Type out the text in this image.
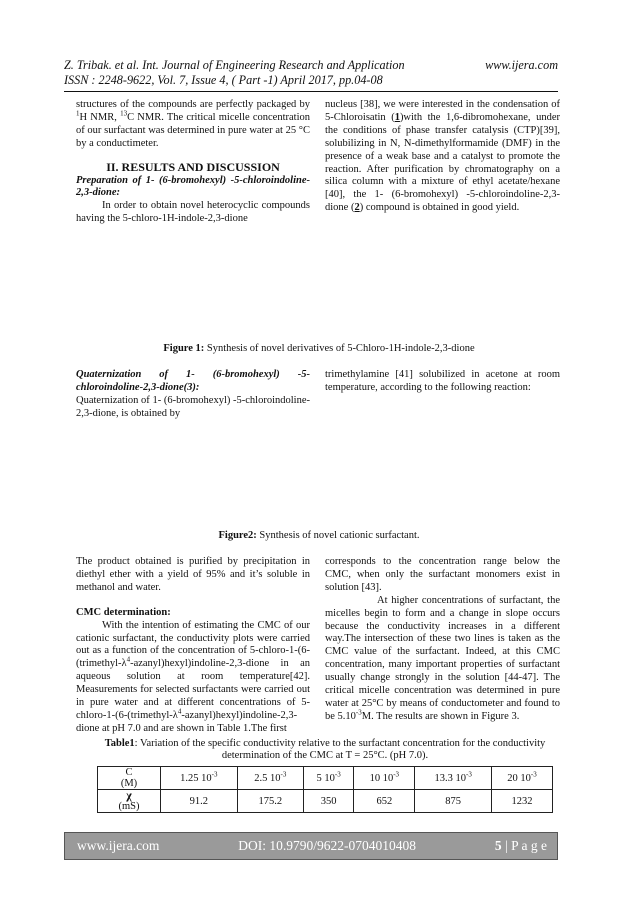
Z. Tribak. et al. Int. Journal of Engineering Research and Application	www.ijera.com
ISSN : 2248-9622, Vol. 7, Issue 4, ( Part -1) April 2017, pp.04-08

structures of the compounds are perfectly packaged by $^1$H NMR, $^{13}$C NMR. The critical micelle concentration of our surfactant was determined in pure water at 25 °C by a conductimeter.

II. RESULTS AND DISCUSSION

Preparation of 1- (6-bromohexyl) -5-chloroindoline-2,3-dione:

In order to obtain novel heterocyclic compounds having the 5-chloro-1H-indole-2,3-dione

nucleus [38], we were interested in the condensation of 5-Chloroisatin (1)with the 1,6-dibromohexane, under the conditions of phase transfer catalysis (CTP)[39], solubilizing in N, N-dimethylformamide (DMF) in the presence of a weak base and a catalyst to promote the reaction. After purification by chromatography on a silica column with a mixture of ethyl acetate/hexane [40], the 1- (6-bromohexyl) -5-chloroindoline-2,3-dione (2) compound is obtained in good yield.

Figure 1: Synthesis of novel derivatives of 5-Chloro-1H-indole-2,3-dione

Quaternization of 1- (6-bromohexyl) -5-chloroindoline-2,3-dione(3):

Quaternization of 1- (6-bromohexyl) -5-chloroindoline-2,3-dione, is obtained by

trimethylamine [41] solubilized in acetone at room temperature, according to the following reaction:

Figure2: Synthesis of novel cationic surfactant.

The product obtained is purified by precipitation in diethyl ether with a yield of 95% and it’s soluble in methanol and water.

CMC determination:

With the intention of estimating the CMC of our cationic surfactant, the conductivity plots were carried out as a function of the concentration of $5-chloro-1-(6-(trimethyl-\lambda^4-azanyl)hexyl)indoline-2,3$-dione in an aqueous solution at room temperature[42]. Measurements for selected surfactants were carried out in pure water and at different concentrations of $5-chloro-1-(6-(trimethyl-\lambda^4-azanyl)hexyl)indoline-2,3$-dione at pH 7.0 and are shown in Table 1.The first

corresponds to the concentration range below the CMC, when only the surfactant monomers exist in solution [43].

At higher concentrations of surfactant, the micelles begin to form and a change in slope occurs because the conductivity increases in a different way.The intersection of these two lines is taken as the CMC value of the surfactant. Indeed, at this CMC concentration, many important properties of surfactant usually change strongly in the solution [44-47]. The critical micelle concentration was determined in pure water at 25°C by means of conductometer and found to be $5.10^{-3}M$. The results are shown in Figure 3.

Table1: Variation of the specific conductivity relative to the surfactant concentration for the conductivity determination of the CMC at T = 25°C. (pH 7.0).
C
(M)	1.25 $10^{-3}$	2.5 $10^{-3}$	5 $10^{-3}$	10 $10^{-3}$	13.3 $10^{-3}$	20 $10^{-3}$

χ
(mS)	91.2	175.2	350	652	875	1232
www.ijera.com	DOI: 10.9790/9622-0704010408	5 | P a g e
